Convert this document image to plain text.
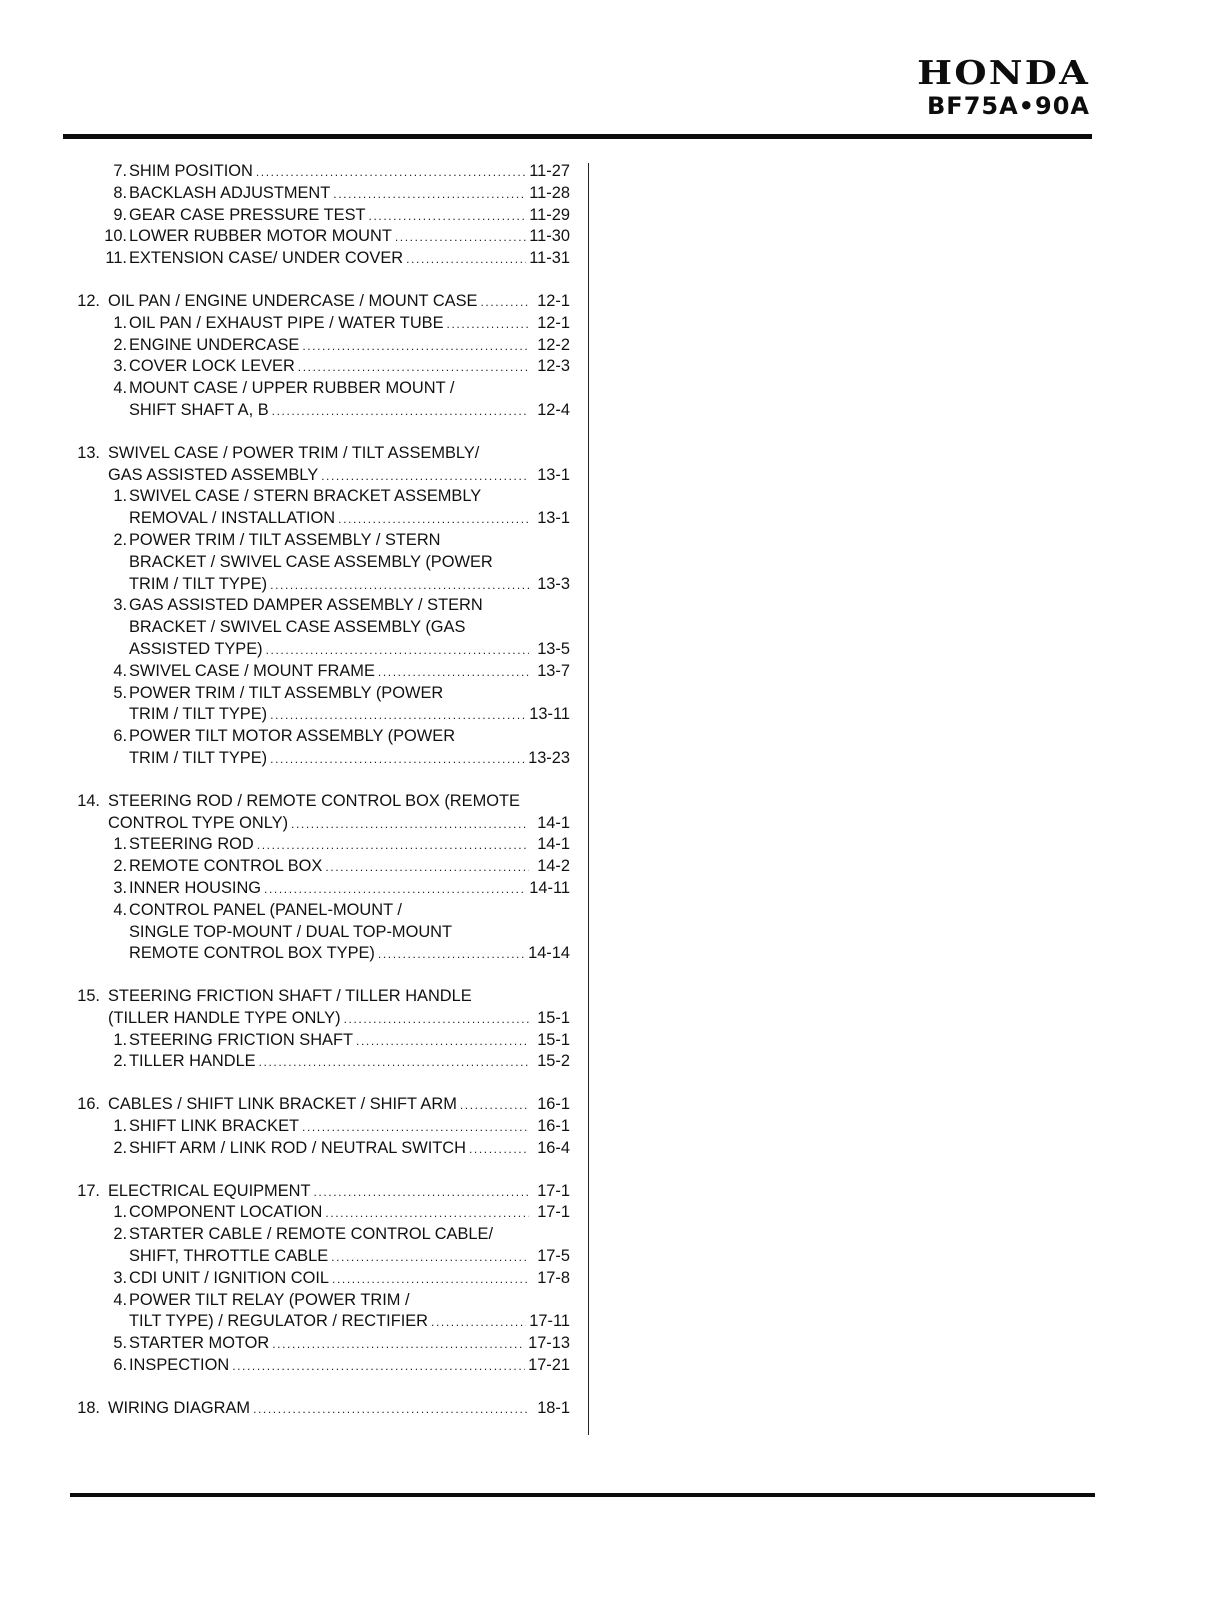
HONDA
BF75A•90A
7. SHIM POSITION .....	11-27
8. BACKLASH ADJUSTMENT .....	11-28
9. GEAR CASE PRESSURE TEST .....	11-29
10. LOWER RUBBER MOTOR MOUNT .....	11-30
11. EXTENSION CASE/ UNDER COVER .....	11-31
12. OIL PAN / ENGINE UNDERCASE / MOUNT CASE .....	12-1
1. OIL PAN / EXHAUST PIPE / WATER TUBE .....	12-1
2. ENGINE UNDERCASE .....	12-2
3. COVER LOCK LEVER .....	12-3
4. MOUNT CASE / UPPER RUBBER MOUNT /
SHIFT SHAFT A, B .....	12-4
13. SWIVEL CASE / POWER TRIM / TILT ASSEMBLY/
GAS ASSISTED ASSEMBLY .....	13-1
1. SWIVEL CASE / STERN BRACKET ASSEMBLY
REMOVAL / INSTALLATION .....	13-1
2. POWER TRIM / TILT ASSEMBLY / STERN
BRACKET / SWIVEL CASE ASSEMBLY (POWER
TRIM / TILT TYPE) .....	13-3
3. GAS ASSISTED DAMPER ASSEMBLY / STERN
BRACKET / SWIVEL CASE ASSEMBLY (GAS
ASSISTED TYPE) .....	13-5
4. SWIVEL CASE / MOUNT FRAME .....	13-7
5. POWER TRIM / TILT ASSEMBLY (POWER
TRIM / TILT TYPE) .....	13-11
6. POWER TILT MOTOR ASSEMBLY (POWER
TRIM / TILT TYPE) .....	13-23
14. STEERING ROD / REMOTE CONTROL BOX (REMOTE
CONTROL TYPE ONLY) .....	14-1
1. STEERING ROD .....	14-1
2. REMOTE CONTROL BOX .....	14-2
3. INNER HOUSING .....	14-11
4. CONTROL PANEL (PANEL-MOUNT /
SINGLE TOP-MOUNT / DUAL TOP-MOUNT
REMOTE CONTROL BOX TYPE) .....	14-14
15. STEERING FRICTION SHAFT / TILLER HANDLE
(TILLER HANDLE TYPE ONLY) .....	15-1
1. STEERING FRICTION SHAFT .....	15-1
2. TILLER HANDLE .....	15-2
16. CABLES / SHIFT LINK BRACKET / SHIFT ARM .....	16-1
1. SHIFT LINK BRACKET .....	16-1
2. SHIFT ARM / LINK ROD / NEUTRAL SWITCH .....	16-4
17. ELECTRICAL EQUIPMENT .....	17-1
1. COMPONENT LOCATION .....	17-1
2. STARTER CABLE / REMOTE CONTROL CABLE/
SHIFT, THROTTLE CABLE .....	17-5
3. CDI UNIT / IGNITION COIL .....	17-8
4. POWER TILT RELAY (POWER TRIM /
TILT TYPE) / REGULATOR / RECTIFIER .....	17-11
5. STARTER MOTOR .....	17-13
6. INSPECTION .....	17-21
18. WIRING DIAGRAM .....	18-1
